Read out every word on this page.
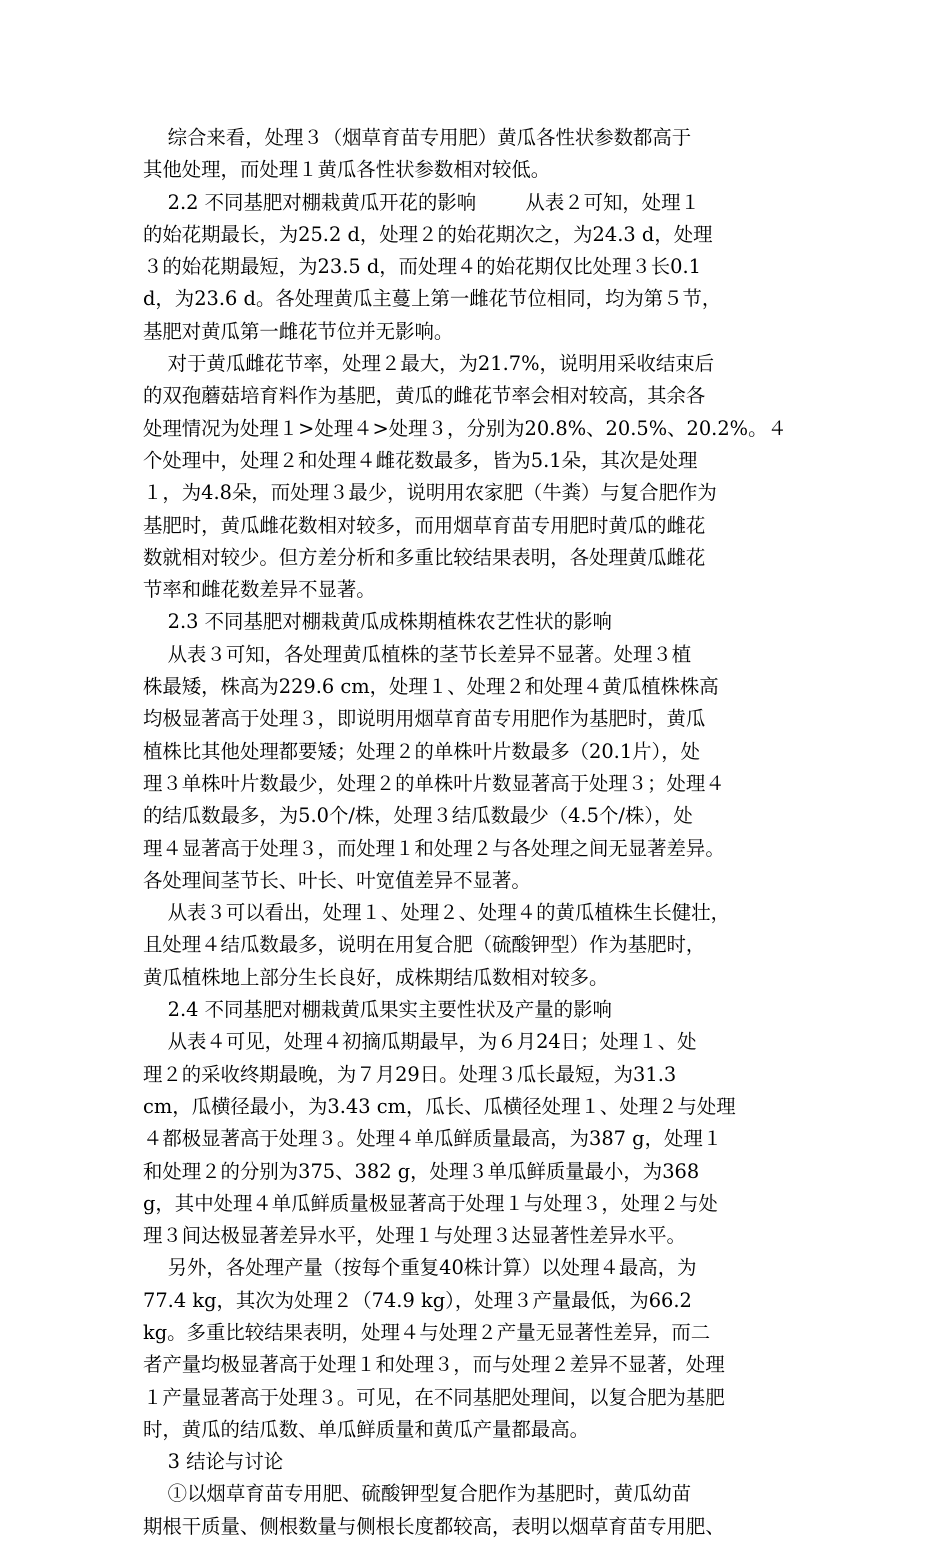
综合来看，处理３（烟草育苗专用肥）黄瓜各性状参数都高于
其他处理，而处理１黄瓜各性状参数相对较低。
2.2 不同基肥对棚栽黄瓜开花的影响        从表２可知，处理１
的始花期最长，为25.2 d，处理２的始花期次之，为24.3 d，处理
３的始花期最短，为23.5 d，而处理４的始花期仅比处理３长0.1
d，为23.6 d。各处理黄瓜主蔓上第一雌花节位相同，均为第５节，
基肥对黄瓜第一雌花节位并无影响。
对于黄瓜雌花节率，处理２最大，为21.7%，说明用采收结束后
的双孢蘑菇培育料作为基肥，黄瓜的雌花节率会相对较高，其余各
处理情况为处理１>处理４>处理３，分别为20.8%、20.5%、20.2%。４
个处理中，处理２和处理４雌花数最多，皆为5.1朵，其次是处理
１，为4.8朵，而处理３最少，说明用农家肥（牛粪）与复合肥作为
基肥时，黄瓜雌花数相对较多，而用烟草育苗专用肥时黄瓜的雌花
数就相对较少。但方差分析和多重比较结果表明，各处理黄瓜雌花
节率和雌花数差异不显著。
2.3 不同基肥对棚栽黄瓜成株期植株农艺性状的影响
从表３可知，各处理黄瓜植株的茎节长差异不显著。处理３植
株最矮，株高为229.6 cm，处理１、处理２和处理４黄瓜植株株高
均极显著高于处理３，即说明用烟草育苗专用肥作为基肥时，黄瓜
植株比其他处理都要矮；处理２的单株叶片数最多（20.1片），处
理３单株叶片数最少，处理２的单株叶片数显著高于处理３；处理４
的结瓜数最多，为5.0个/株，处理３结瓜数最少（4.5个/株），处
理４显著高于处理３，而处理１和处理２与各处理之间无显著差异。
各处理间茎节长、叶长、叶宽值差异不显著。
从表３可以看出，处理１、处理２、处理４的黄瓜植株生长健壮，
且处理４结瓜数最多，说明在用复合肥（硫酸钾型）作为基肥时，
黄瓜植株地上部分生长良好，成株期结瓜数相对较多。
2.4 不同基肥对棚栽黄瓜果实主要性状及产量的影响
从表４可见，处理４初摘瓜期最早，为６月24日；处理１、处
理２的采收终期最晚，为７月29日。处理３瓜长最短，为31.3
cm，瓜横径最小，为3.43 cm，瓜长、瓜横径处理１、处理２与处理
４都极显著高于处理３。处理４单瓜鲜质量最高，为387 g，处理１
和处理２的分别为375、382 g，处理３单瓜鲜质量最小，为368
g，其中处理４单瓜鲜质量极显著高于处理１与处理３，处理２与处
理３间达极显著差异水平，处理１与处理３达显著性差异水平。
另外，各处理产量（按每个重复40株计算）以处理４最高，为
77.4 kg，其次为处理２（74.9 kg），处理３产量最低，为66.2
kg。多重比较结果表明，处理４与处理２产量无显著性差异，而二
者产量均极显著高于处理１和处理３，而与处理２差异不显著，处理
１产量显著高于处理３。可见，在不同基肥处理间，以复合肥为基肥
时，黄瓜的结瓜数、单瓜鲜质量和黄瓜产量都最高。
3 结论与讨论
①以烟草育苗专用肥、硫酸钾型复合肥作为基肥时，黄瓜幼苗
期根干质量、侧根数量与侧根长度都较高，表明以烟草育苗专用肥、
